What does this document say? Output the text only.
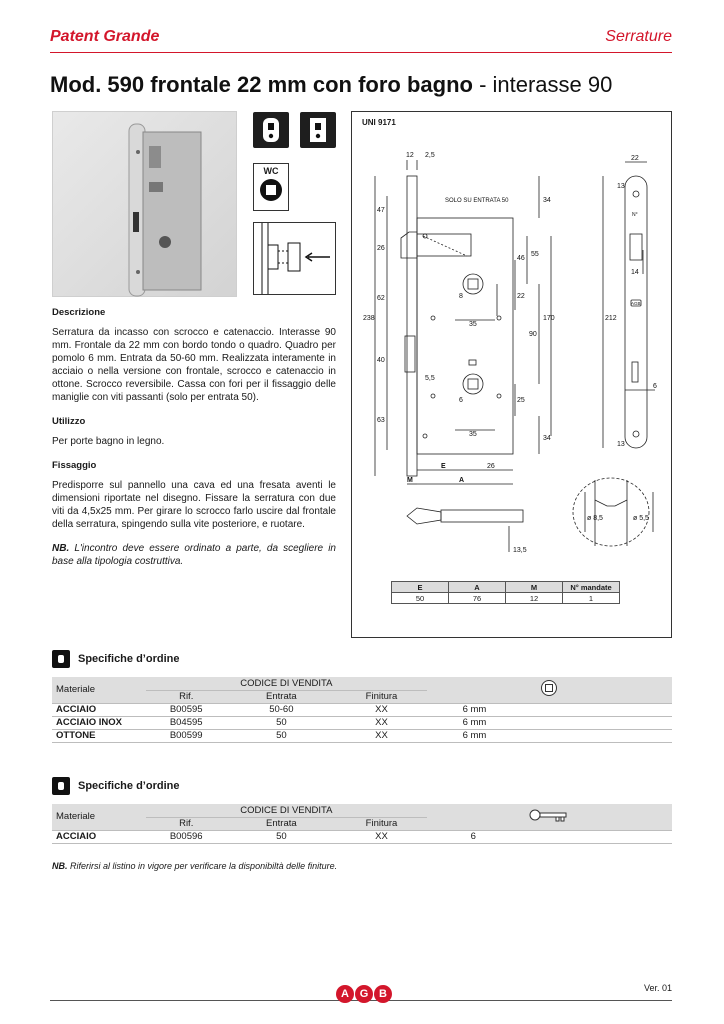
Patent Grande	Serrature
Mod. 590 frontale 22 mm con foro bagno - interasse 90
WC
UNI 9171
12 2,5	22
13
47
34
26
55
46
238
62	22
35
170
90
212
14
6
40
5,5
25
63
35
34
13
E	26
M	A
13,5
ø 8,5	ø 5,5
8
6
N°
AGB
SOLO SU ENTRATA 50
E	A	M	N° mandate
50	76	12	1
Descrizione

Serratura da incasso con scrocco e catenaccio. Interasse 90 mm. Frontale da 22 mm con bordo tondo o quadro. Quadro per pomolo 6 mm. Entrata da 50-60 mm. Realizzata interamente in acciaio o nella versione con frontale, scrocco e catenaccio in ottone. Scrocco reversibile. Cassa con fori per il fissaggio delle maniglie con viti passanti (solo per entrata 50).

Utilizzo

Per porte bagno in legno.

Fissaggio

Predisporre sul pannello una cava ed una fresata aventi le dimensioni riportate nel disegno. Fissare la serratura con due viti da 4,5x25 mm. Per girare lo scrocco farlo uscire dal frontale della serratura, spingendo sulla vite posteriore, e ruotare.

NB. L'incontro deve essere ordinato a parte, da scegliere in base alla tipologia costruttiva.

Specifiche d’ordine
Materiale	CODICE DI VENDITA	
	Rif.	Entrata	Finitura	
ACCIAIO	B00595	50-60	XX	6 mm
ACCIAIO INOX	B04595	50	XX	6 mm
OTTONE	B00599	50	XX	6 mm
Specifiche d’ordine
Materiale	CODICE DI VENDITA	
	Rif.	Entrata	Finitura	
ACCIAIO	B00596	50	XX	6
NB. Riferirsi al listino in vigore per verificare la disponibiltà delle finiture.
A G B	Ver. 01
